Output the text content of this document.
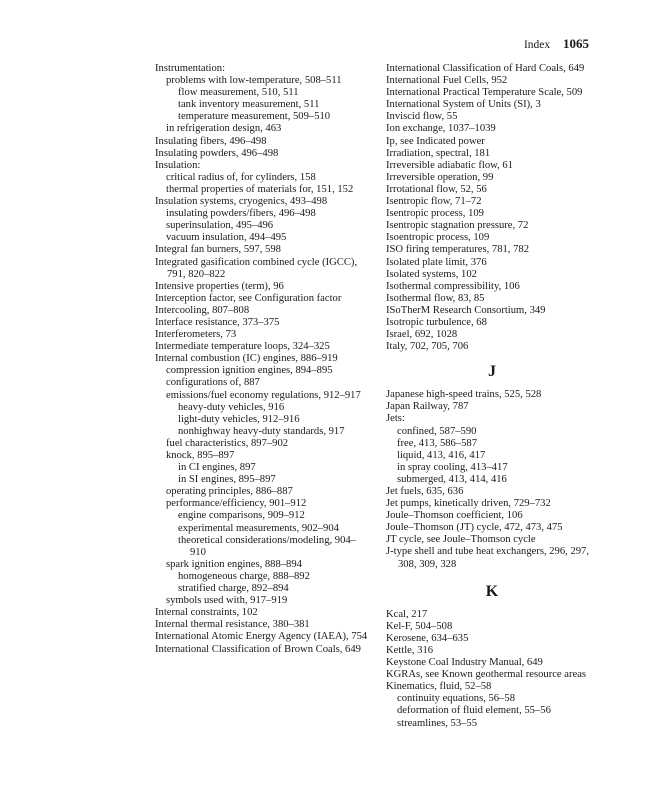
Index 1065
Instrumentation:
problems with low-temperature, 508–511
flow measurement, 510, 511
tank inventory measurement, 511
temperature measurement, 509–510
in refrigeration design, 463
Insulating fibers, 496–498
Insulating powders, 496–498
Insulation:
critical radius of, for cylinders, 158
thermal properties of materials for, 151, 152
Insulation systems, cryogenics, 493–498
insulating powders/fibers, 496–498
superinsulation, 495–496
vacuum insulation, 494–495
Integral fan burners, 597, 598
Integrated gasification combined cycle (IGCC), 791, 820–822
Intensive properties (term), 96
Interception factor, see Configuration factor
Intercooling, 807–808
Interface resistance, 373–375
Interferometers, 73
Intermediate temperature loops, 324–325
Internal combustion (IC) engines, 886–919
compression ignition engines, 894–895
configurations of, 887
emissions/fuel economy regulations, 912–917
heavy-duty vehicles, 916
light-duty vehicles, 912–916
nonhighway heavy-duty standards, 917
fuel characteristics, 897–902
knock, 895–897
in CI engines, 897
in SI engines, 895–897
operating principles, 886–887
performance/efficiency, 901–912
engine comparisons, 909–912
experimental measurements, 902–904
theoretical considerations/modeling, 904–910
spark ignition engines, 888–894
homogeneous charge, 888–892
stratified charge, 892–894
symbols used with, 917–919
Internal constraints, 102
Internal thermal resistance, 380–381
International Atomic Energy Agency (IAEA), 754
International Classification of Brown Coals, 649
International Classification of Hard Coals, 649
International Fuel Cells, 952
International Practical Temperature Scale, 509
International System of Units (SI), 3
Inviscid flow, 55
Ion exchange, 1037–1039
Ip, see Indicated power
Irradiation, spectral, 181
Irreversible adiabatic flow, 61
Irreversible operation, 99
Irrotational flow, 52, 56
Isentropic flow, 71–72
Isentropic process, 109
Isentropic stagnation pressure, 72
Isoentropic process, 109
ISO firing temperatures, 781, 782
Isolated plate limit, 376
Isolated systems, 102
Isothermal compressibility, 106
Isothermal flow, 83, 85
ISoTherM Research Consortium, 349
Isotropic turbulence, 68
Israel, 692, 1028
Italy, 702, 705, 706
J
Japanese high-speed trains, 525, 528
Japan Railway, 787
Jets:
confined, 587–590
free, 413, 586–587
liquid, 413, 416, 417
in spray cooling, 413–417
submerged, 413, 414, 416
Jet fuels, 635, 636
Jet pumps, kinetically driven, 729–732
Joule–Thomson coefficient, 106
Joule–Thomson (JT) cycle, 472, 473, 475
JT cycle, see Joule–Thomson cycle
J-type shell and tube heat exchangers, 296, 297, 308, 309, 328
K
Kcal, 217
Kel-F, 504–508
Kerosene, 634–635
Kettle, 316
Keystone Coal Industry Manual, 649
KGRAs, see Known geothermal resource areas
Kinematics, fluid, 52–58
continuity equations, 56–58
deformation of fluid element, 55–56
streamlines, 53–55
